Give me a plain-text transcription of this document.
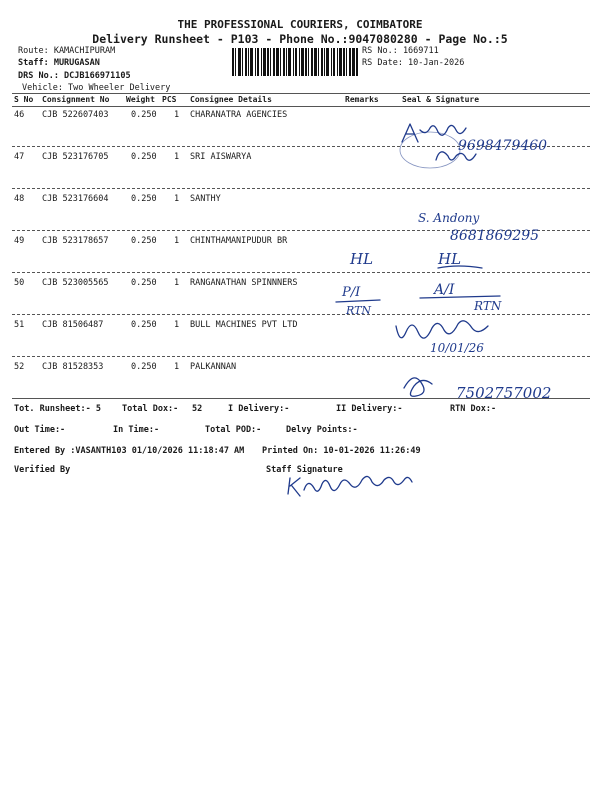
THE PROFESSIONAL COURIERS, COIMBATORE
Delivery Runsheet - P103 - Phone No.:9047080280 - Page No.:5
Route: KAMACHIPURAM
Staff: MURUGASAN
DRS No.: DCJB166971105
Vehicle: Two Wheeler Delivery
RS No.: 1669711
RS Date: 10-Jan-2026
S No Consignment No Weight PCS Consignee Details	Remarks	Seal & Signature
46 CJB 522607403	0.250 1 CHARANATRA AGENCIES
47 CJB 523176705	0.250 1 SRI AISWARYA
48 CJB 523176604	0.250 1 SANTHY
49 CJB 523178657	0.250 1 CHINTHAMANIPUDUR BR
50 CJB 523005565	0.250 1 RANGANATHAN SPINNNERS
51 CJB 81506487	0.250 1 BULL MACHINES PVT LTD
52 CJB 81528353	0.250 1 PALKANNAN
Tot. Runsheet:- 5 Total Dox:- 52	I Delivery:-	II Delivery:-	RTN Dox:-
Out Time:-	In Time:-	Total POD:-	Delvy Points:-
Entered By :VASANTH103 01/10/2026 11:18:47 AM Printed On: 10-01-2026 11:26:49
Verified By	Staff Signature
9698479460
S. Andony
8681869295
HL	HL
P/I
RTN
A/I
RTN
10/01/26
7502757002
